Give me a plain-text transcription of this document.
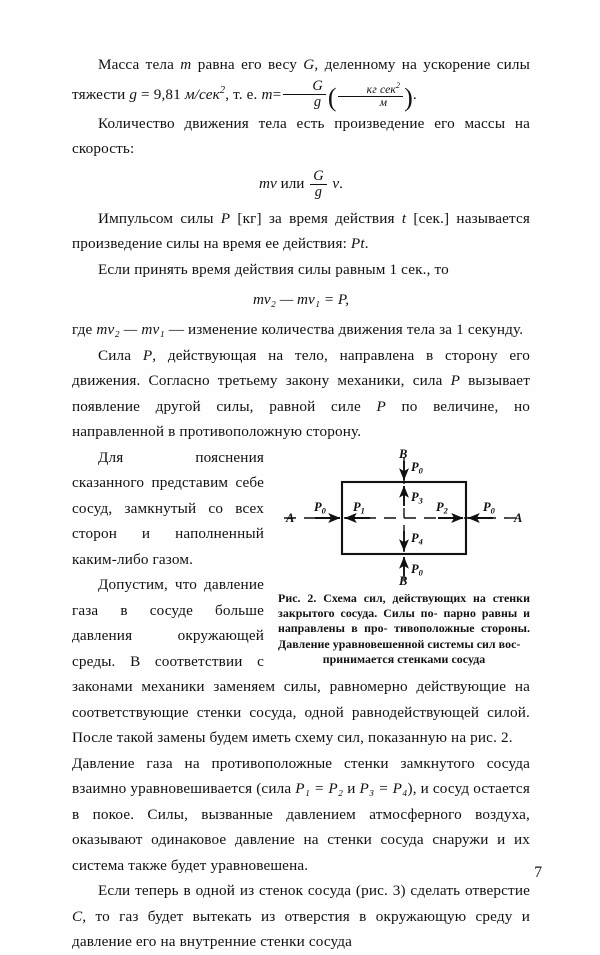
Масса тела m равна его весу G, деленному на ускорение силы тяжести g = 9,81 м/сек$^2$, т. е. $m= \frac{G}{g}$ ( $\frac{кг сек^2}{м}$ ).

Количество движения тела есть произведение его массы на скорость:

mv или $\frac{G}{g} v$.

Импульсом силы P [кг] за время действия t [сек.] называется произведение силы на время ее действия: Pt.

Если принять время действия силы равным 1 сек., то

mv₂ — mv₁ = P,

где mv₂ — mv₁ — изменение количества движения тела за 1 секунду.

Сила P, действующая на тело, направлена в сторону его движения. Согласно третьему закону механики, сила P вызывает появление другой силы, равной силе P по величине, но направленной в противоположную сторону.

A	A
B
B
$P_0$ $P_1$	$P_2$	$P_0$
$P_0$
$P_3$
$P_4$
$P_0$
Рис. 2. Схема сил, действующих на стенки закрытого сосуда. Силы по- парно равны и направлены в про- тивоположные стороны. Давление уравновешенной системы сил вос-
принимается стенками сосуда

Для пояснения сказанного представим себе сосуд, замкнутый со всех сторон и наполненный каким-либо газом.

Допустим, что давление газа в сосуде больше давления окружающей среды. В соответствии с законами механики заменяем силы, равномерно действующие на соответствующие стенки сосуда, одной равнодействующей силой. После такой замены будем иметь схему сил, показанную на рис. 2.

Давление газа на противоположные стенки замкнутого сосуда взаимно уравновешивается (сила P₁ = P₂ и P₃ = P₄), и сосуд остается в покое. Силы, вызванные давлением атмосферного воздуха, оказывают одинаковое давление на стенки сосуда снаружи и их система также будет уравновешена.

Если теперь в одной из стенок сосуда (рис. 3) сделать отверстие C, то газ будет вытекать из отверстия в окружающую среду и давление его на внутренние стенки сосуда

7
